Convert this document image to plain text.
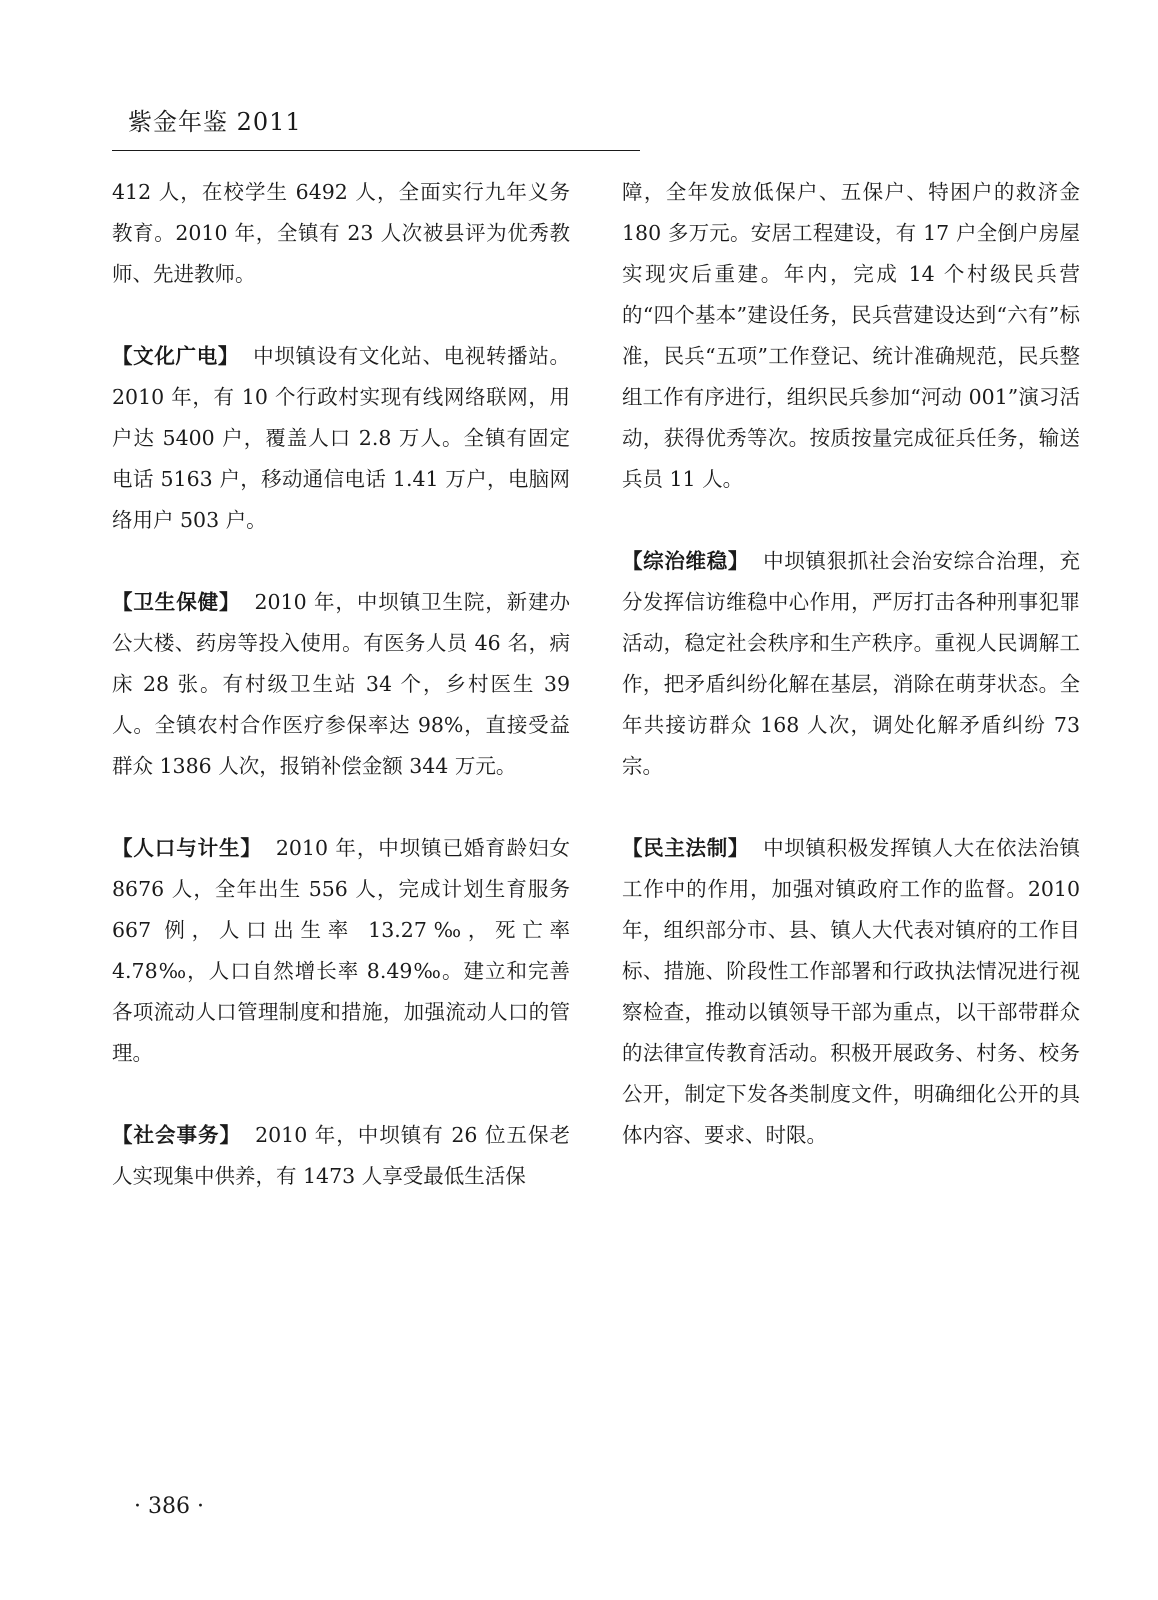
紫金年鉴 2011

412 人，在校学生 6492 人，全面实行九年义务教育。2010 年，全镇有 23 人次被县评为优秀教师、先进教师。

【文化广电】 中坝镇设有文化站、电视转播站。2010 年，有 10 个行政村实现有线网络联网，用户达 5400 户，覆盖人口 2.8 万人。全镇有固定电话 5163 户，移动通信电话 1.41 万户，电脑网络用户 503 户。

【卫生保健】 2010 年，中坝镇卫生院，新建办公大楼、药房等投入使用。有医务人员 46 名，病床 28 张。有村级卫生站 34 个，乡村医生 39 人。全镇农村合作医疗参保率达 98%，直接受益群众 1386 人次，报销补偿金额 344 万元。

【人口与计生】 2010 年，中坝镇已婚育龄妇女 8676 人，全年出生 556 人，完成计划生育服务 667 例，人口出生率 13.27‰，死亡率 4.78‰，人口自然增长率 8.49‰。建立和完善各项流动人口管理制度和措施，加强流动人口的管理。

【社会事务】 2010 年，中坝镇有 26 位五保老人实现集中供养，有 1473 人享受最低生活保

障，全年发放低保户、五保户、特困户的救济金 180 多万元。安居工程建设，有 17 户全倒户房屋实现灾后重建。年内，完成 14 个村级民兵营的“四个基本”建设任务，民兵营建设达到“六有”标准，民兵“五项”工作登记、统计准确规范，民兵整组工作有序进行，组织民兵参加“河动 001”演习活动，获得优秀等次。按质按量完成征兵任务，输送兵员 11 人。

【综治维稳】 中坝镇狠抓社会治安综合治理，充分发挥信访维稳中心作用，严厉打击各种刑事犯罪活动，稳定社会秩序和生产秩序。重视人民调解工作，把矛盾纠纷化解在基层，消除在萌芽状态。全年共接访群众 168 人次，调处化解矛盾纠纷 73 宗。

【民主法制】 中坝镇积极发挥镇人大在依法治镇工作中的作用，加强对镇政府工作的监督。2010 年，组织部分市、县、镇人大代表对镇府的工作目标、措施、阶段性工作部署和行政执法情况进行视察检查，推动以镇领导干部为重点，以干部带群众的法律宣传教育活动。积极开展政务、村务、校务公开，制定下发各类制度文件，明确细化公开的具体内容、要求、时限。

· 386 ·
